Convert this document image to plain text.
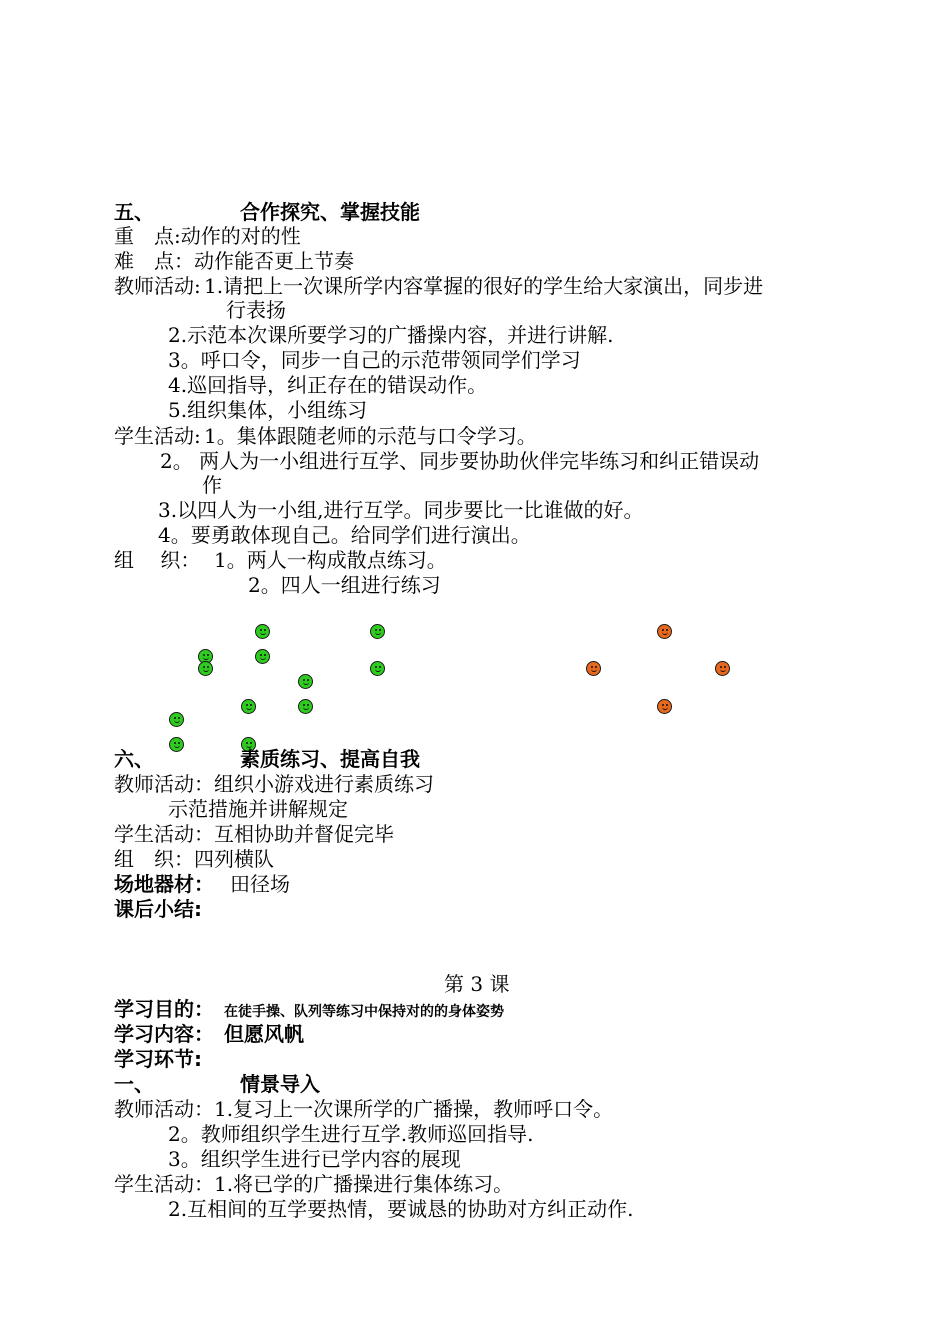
五、	合作探究、掌握技能
重　点:动作的对的性
难　点：动作能否更上节奏
教师活动: 1.请把上一次课所学内容掌握的很好的学生给大家演出，同步进
行表扬
2.示范本次课所要学习的广播操内容，并进行讲解.
3。呼口令，同步一自己的示范带领同学们学习
4.巡回指导，纠正存在的错误动作。
5.组织集体，小组练习
学生活动: 1。集体跟随老师的示范与口令学习。
2。 两人为一小组进行互学、同步要协助伙伴完毕练习和纠正错误动
作
3.以四人为一小组,进行互学。同步要比一比谁做的好。
4。要勇敢体现自己。给同学们进行演出。
组　 织： 1。两人一构成散点练习。
2。四人一组进行练习
六、	素质练习、提高自我
教师活动：组织小游戏进行素质练习
示范措施并讲解规定
学生活动：互相协助并督促完毕
组　织：四列横队
场地器材： 田径场
课后小结:
第 3 课
学习目的： 在徒手操、队列等练习中保持对的的身体姿势
学习内容： 但愿风帆
学习环节:
一、	情景导入
教师活动：1.复习上一次课所学的广播操，教师呼口令。
2。教师组织学生进行互学.教师巡回指导.
3。组织学生进行已学内容的展现
学生活动：1.将已学的广播操进行集体练习。
2.互相间的互学要热情，要诚恳的协助对方纠正动作.
